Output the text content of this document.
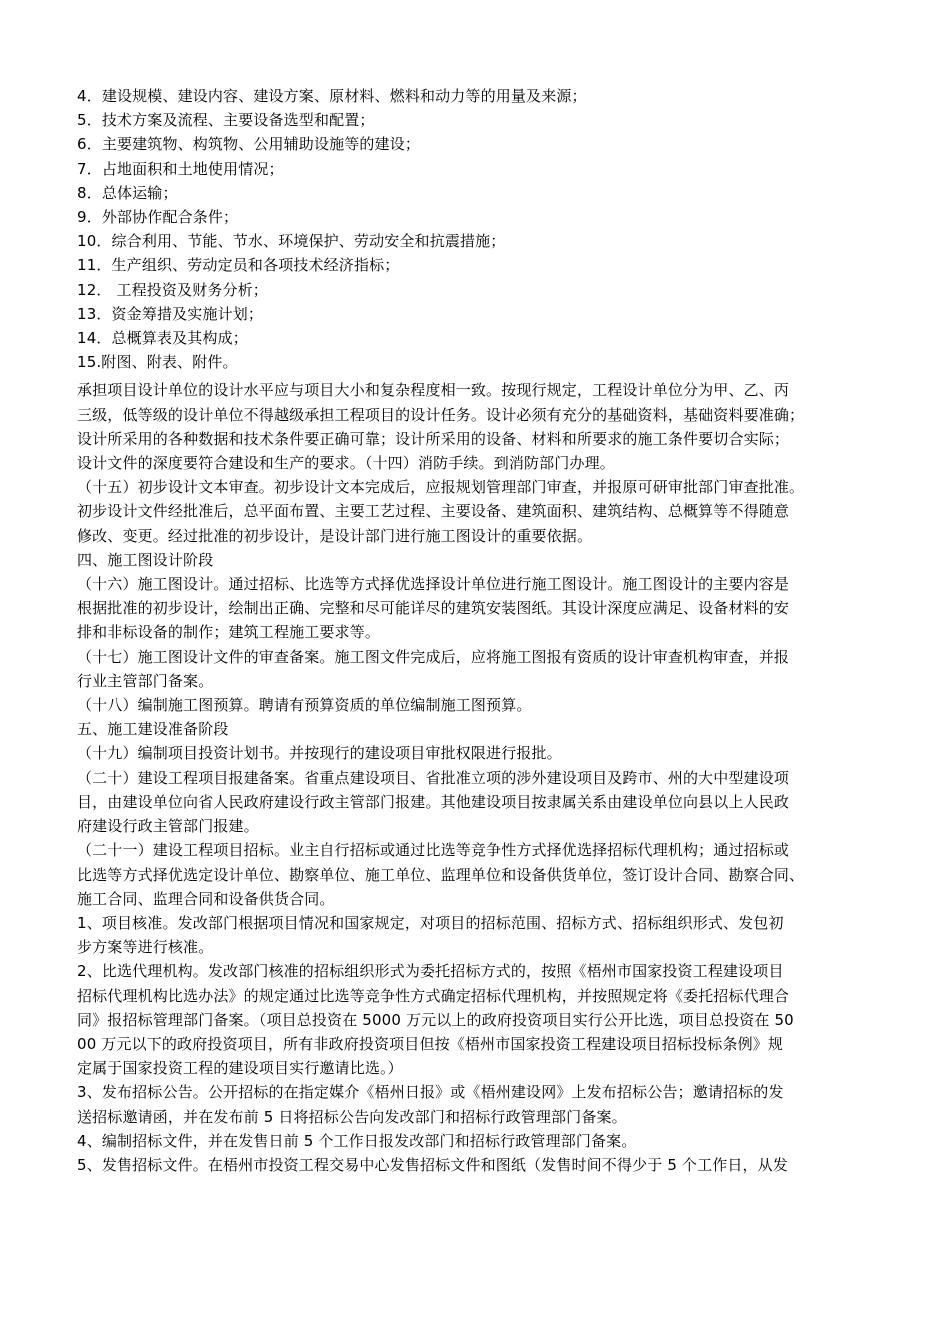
4．建设规模、建设内容、建设方案、原材料、燃料和动力等的用量及来源；
5．技术方案及流程、主要设备选型和配置；
6．主要建筑物、构筑物、公用辅助设施等的建设；
7．占地面积和土地使用情况；
8．总体运输；
9．外部协作配合条件；
10．综合利用、节能、节水、环境保护、劳动安全和抗震措施；
11．生产组织、劳动定员和各项技术经济指标；
12． 工程投资及财务分析；
13．资金筹措及实施计划；
14．总概算表及其构成；
15.附图、附表、附件。
承担项目设计单位的设计水平应与项目大小和复杂程度相一致。按现行规定，工程设计单位分为甲、乙、丙
三级，低等级的设计单位不得越级承担工程项目的设计任务。设计必须有充分的基础资料，基础资料要准确；
设计所采用的各种数据和技术条件要正确可靠；设计所采用的设备、材料和所要求的施工条件要切合实际；
设计文件的深度要符合建设和生产的要求。（十四）消防手续。到消防部门办理。
（十五）初步设计文本审查。初步设计文本完成后，应报规划管理部门审查，并报原可研审批部门审查批准。
初步设计文件经批准后，总平面布置、主要工艺过程、主要设备、建筑面积、建筑结构、总概算等不得随意
修改、变更。经过批准的初步设计，是设计部门进行施工图设计的重要依据。
四、施工图设计阶段
（十六）施工图设计。通过招标、比选等方式择优选择设计单位进行施工图设计。施工图设计的主要内容是
根据批准的初步设计，绘制出正确、完整和尽可能详尽的建筑安装图纸。其设计深度应满足、设备材料的安
排和非标设备的制作；建筑工程施工要求等。
（十七）施工图设计文件的审查备案。施工图文件完成后，应将施工图报有资质的设计审查机构审查，并报
行业主管部门备案。
（十八）编制施工图预算。聘请有预算资质的单位编制施工图预算。
五、施工建设准备阶段
（十九）编制项目投资计划书。并按现行的建设项目审批权限进行报批。
（二十）建设工程项目报建备案。省重点建设项目、省批准立项的涉外建设项目及跨市、州的大中型建设项
目，由建设单位向省人民政府建设行政主管部门报建。其他建设项目按隶属关系由建设单位向县以上人民政
府建设行政主管部门报建。
（二十一）建设工程项目招标。业主自行招标或通过比选等竞争性方式择优选择招标代理机构；通过招标或
比选等方式择优选定设计单位、勘察单位、施工单位、监理单位和设备供货单位，签订设计合同、勘察合同、
施工合同、监理合同和设备供货合同。
1、项目核准。发改部门根据项目情况和国家规定，对项目的招标范围、招标方式、招标组织形式、发包初
步方案等进行核准。
2、比选代理机构。发改部门核准的招标组织形式为委托招标方式的，按照《梧州市国家投资工程建设项目
招标代理机构比选办法》的规定通过比选等竞争性方式确定招标代理机构，并按照规定将《委托招标代理合
同》报招标管理部门备案。（项目总投资在 5000 万元以上的政府投资项目实行公开比选，项目总投资在 50
00 万元以下的政府投资项目，所有非政府投资项目但按《梧州市国家投资工程建设项目招标投标条例》规
定属于国家投资工程的建设项目实行邀请比选。）
3、发布招标公告。公开招标的在指定媒介《梧州日报》或《梧州建设网》上发布招标公告；邀请招标的发
送招标邀请函，并在发布前 5 日将招标公告向发改部门和招标行政管理部门备案。
4、编制招标文件，并在发售日前 5 个工作日报发改部门和招标行政管理部门备案。
5、发售招标文件。在梧州市投资工程交易中心发售招标文件和图纸（发售时间不得少于 5 个工作日，从发
